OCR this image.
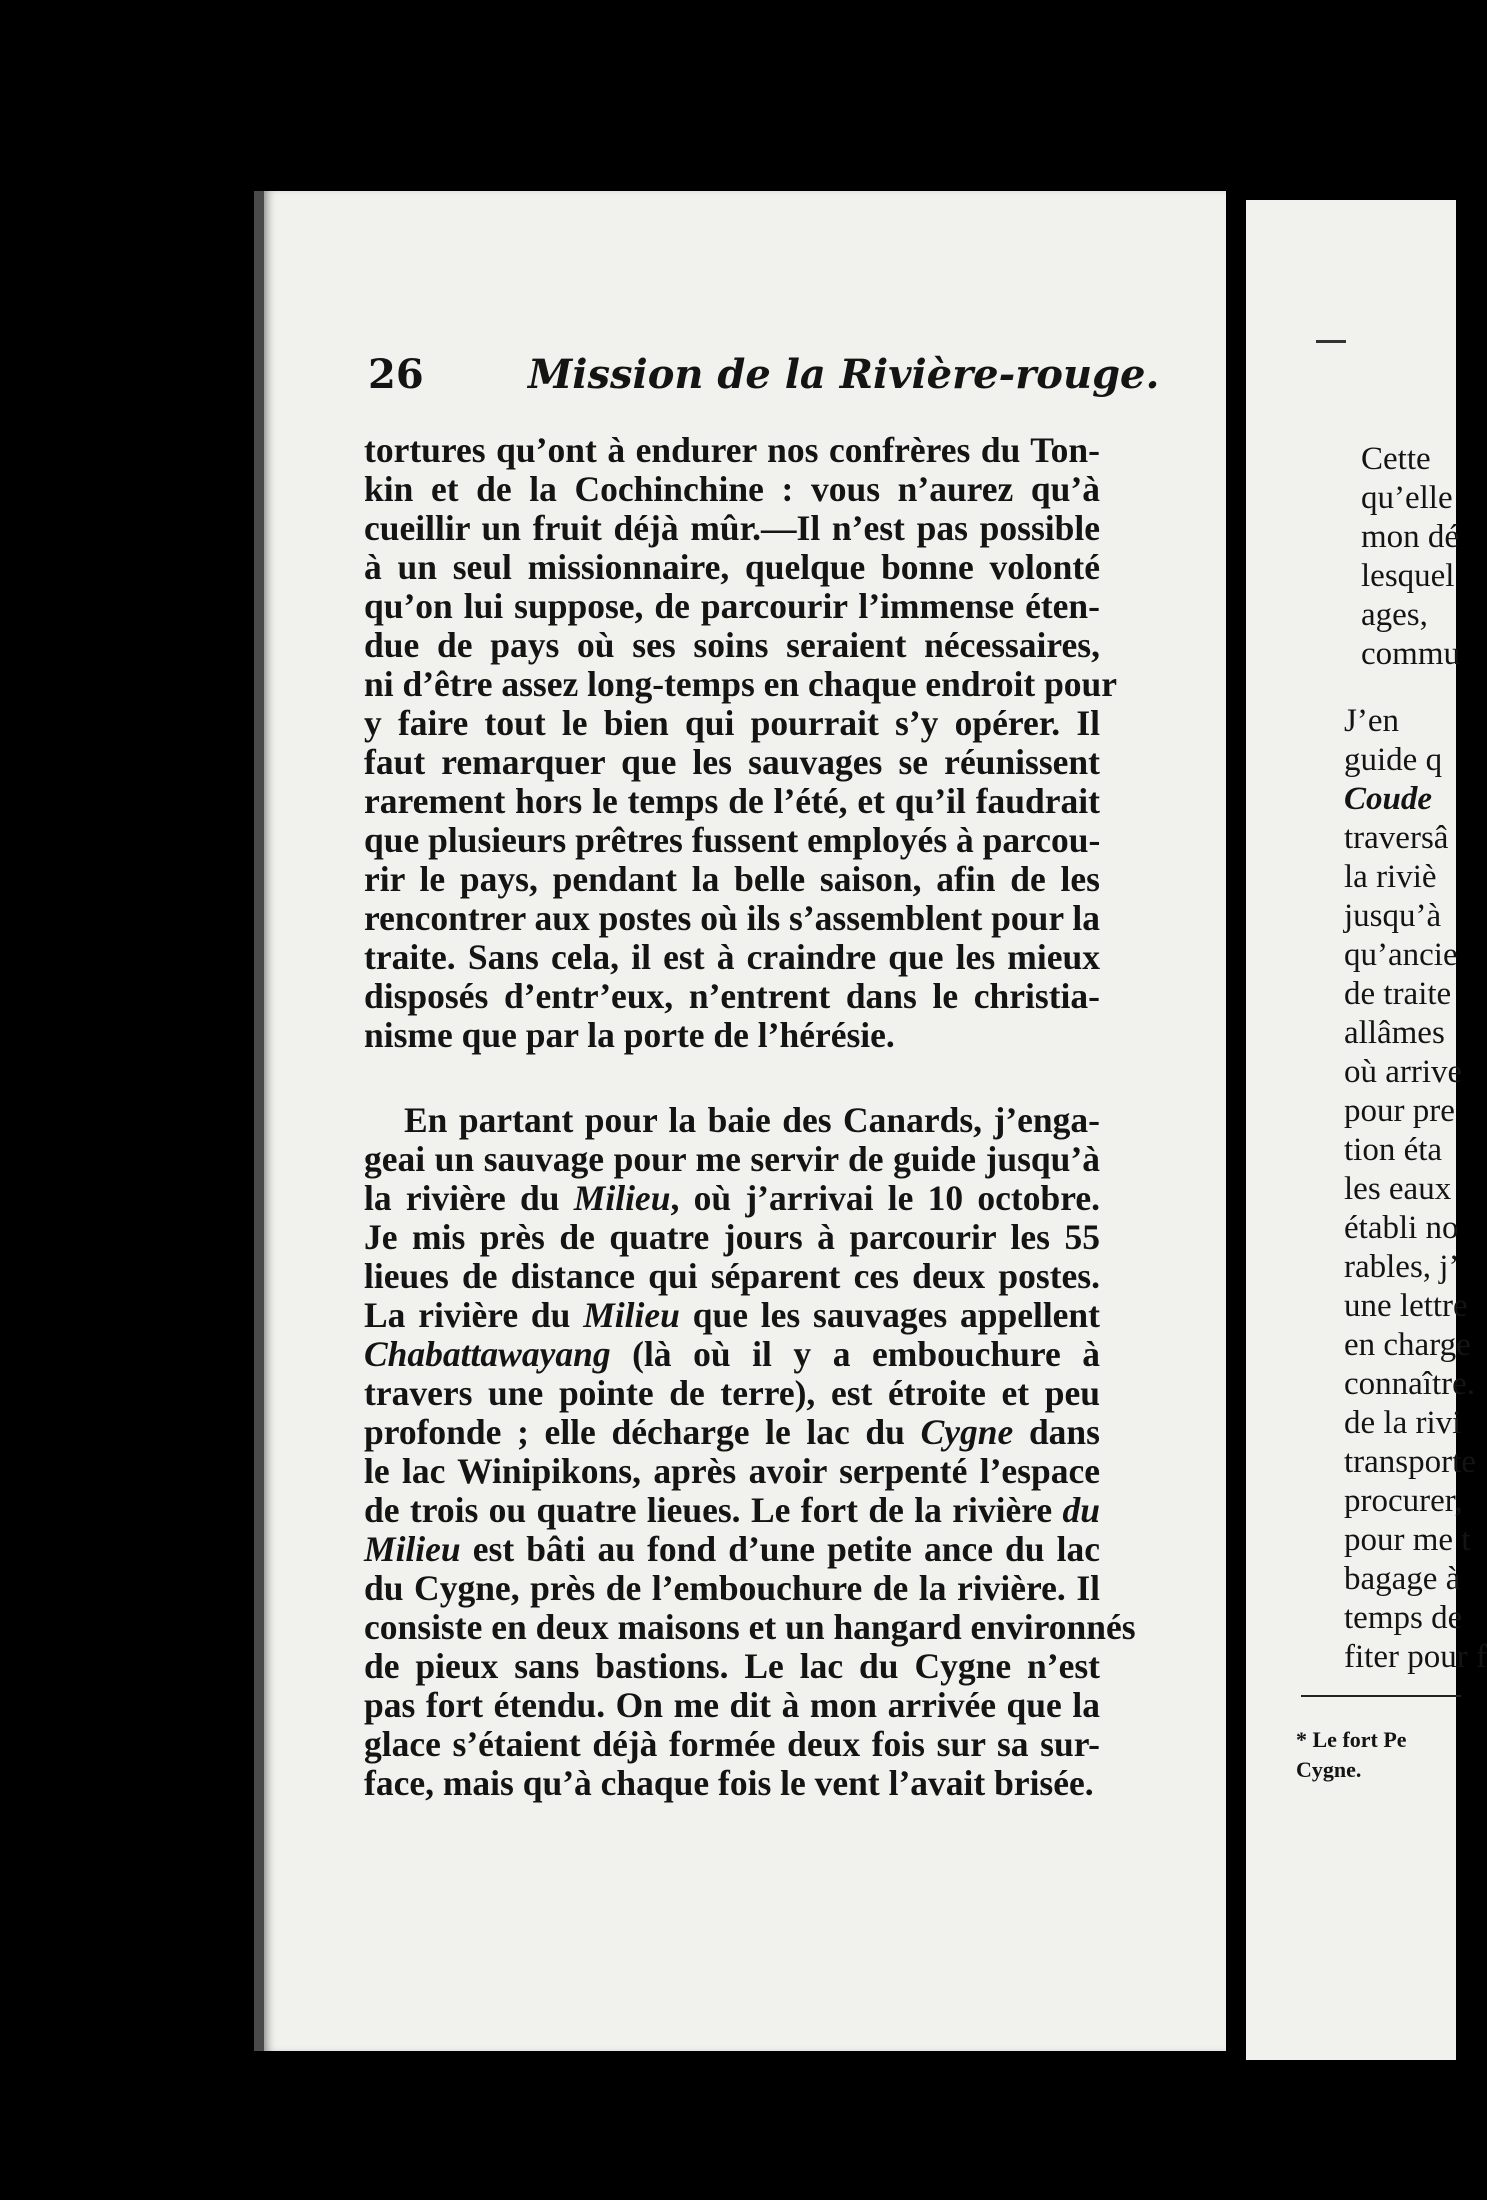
26	Mission de la Rivière-rouge.
tortures qu’ont à endurer nos confrères du Ton-
kin et de la Cochinchine : vous n’aurez qu’à
cueillir un fruit déjà mûr.—Il n’est pas possible
à un seul missionnaire, quelque bonne volonté
qu’on lui suppose, de parcourir l’immense éten-
due de pays où ses soins seraient nécessaires,
ni d’être assez long-temps en chaque endroit pour
y faire tout le bien qui pourrait s’y opérer. Il
faut remarquer que les sauvages se réunissent
rarement hors le temps de l’été, et qu’il faudrait
que plusieurs prêtres fussent employés à parcou-
rir le pays, pendant la belle saison, afin de les
rencontrer aux postes où ils s’assemblent pour la
traite. Sans cela, il est à craindre que les mieux
disposés d’entr’eux, n’entrent dans le christia-
nisme que par la porte de l’hérésie.
En partant pour la baie des Canards, j’enga-
geai un sauvage pour me servir de guide jusqu’à
la rivière du Milieu, où j’arrivai le 10 octobre.
Je mis près de quatre jours à parcourir les 55
lieues de distance qui séparent ces deux postes.
La rivière du Milieu que les sauvages appellent
Chabattawayang (là où il y a embouchure à
travers une pointe de terre), est étroite et peu
profonde ; elle décharge le lac du Cygne dans
le lac Winipikons, après avoir serpenté l’espace
de trois ou quatre lieues. Le fort de la rivière du
Milieu est bâti au fond d’une petite ance du lac
du Cygne, près de l’embouchure de la rivière. Il
consiste en deux maisons et un hangard environnés
de pieux sans bastions. Le lac du Cygne n’est
pas fort étendu. On me dit à mon arrivée que la
glace s’étaient déjà formée deux fois sur sa sur-
face, mais qu’à chaque fois le vent l’avait brisée.
Cette
qu’elle
mon dé
lesquel
ages,
commu
J’en
guide q
Coude
traversâ
la riviè
jusqu’à
qu’ancie
de traite
allâmes
où arrive
pour pre
tion éta
les eaux
établi no
rables, j’
une lettre
en charge
connaître.
de la rivi
transporte
procurer,
pour me t
bagage à
temps de
fiter pour f
* Le fort Pe
Cygne.
